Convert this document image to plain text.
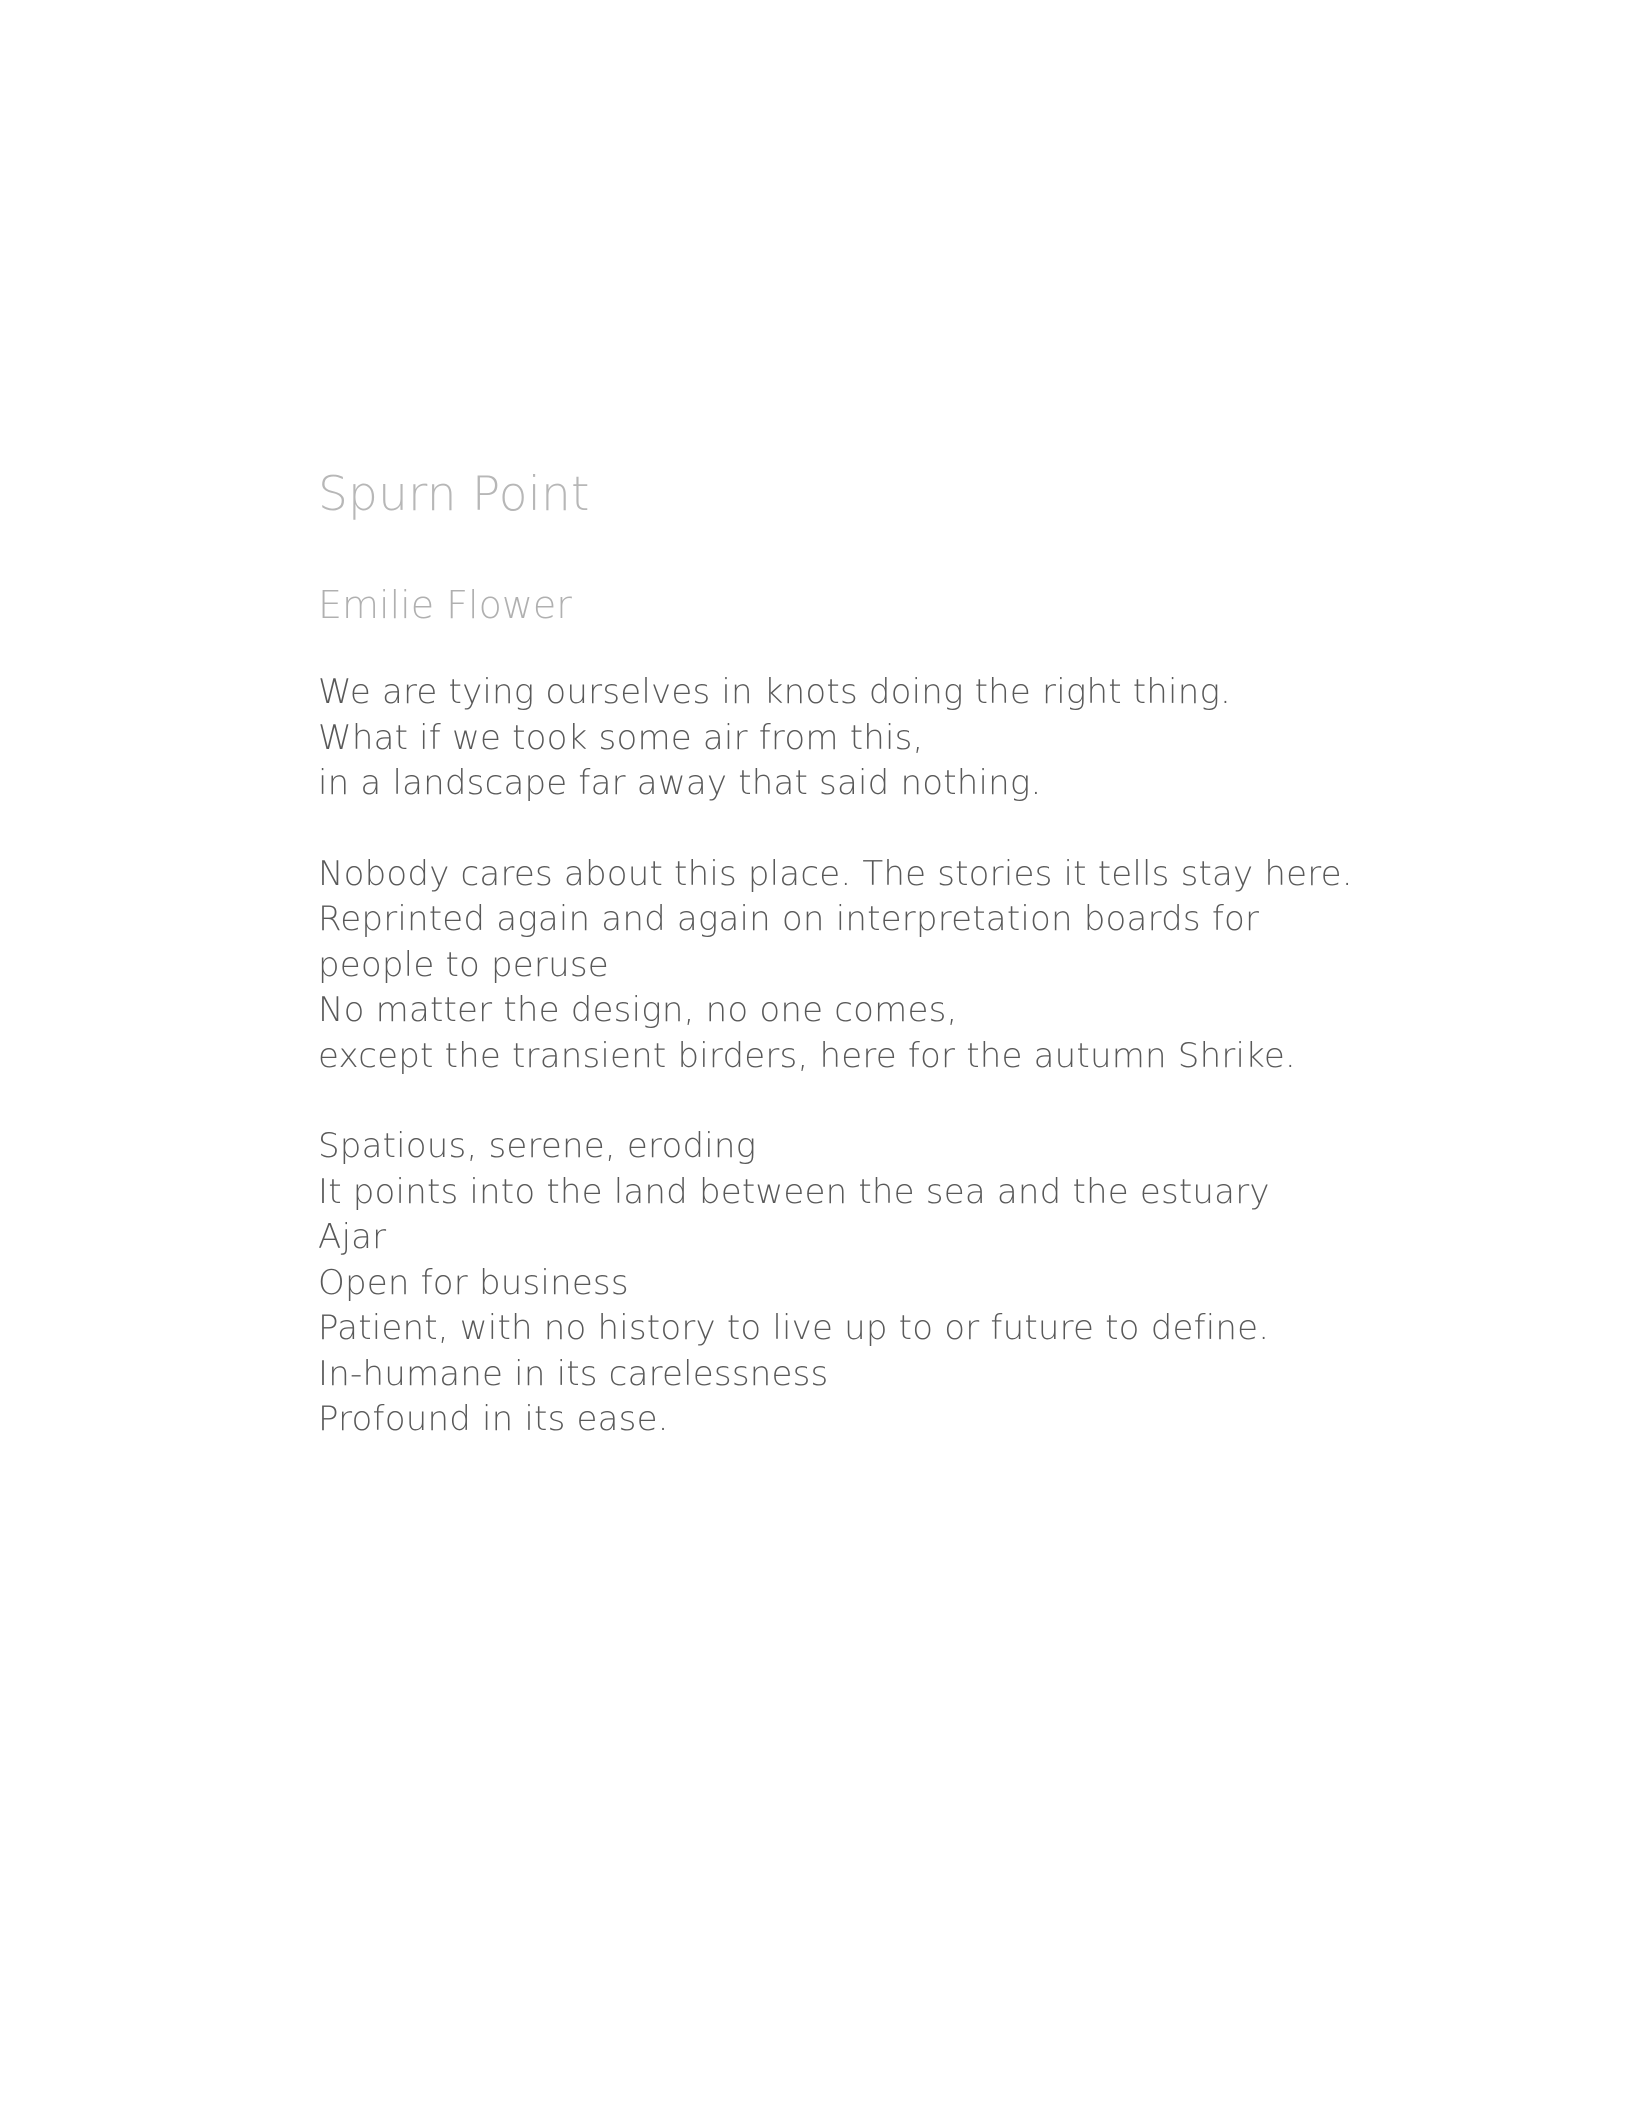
Spurn Point
Emilie Flower
We are tying ourselves in knots doing the right thing.
What if we took some air from this,
in a landscape far away that said nothing.
Nobody cares about this place. The stories it tells stay here.
Reprinted again and again on interpretation boards for
people to peruse
No matter the design, no one comes,
except the transient birders, here for the autumn Shrike.
Spatious, serene, eroding
It points into the land between the sea and the estuary
Ajar
Open for business
Patient, with no history to live up to or future to define.
In-humane in its carelessness
Profound in its ease.
